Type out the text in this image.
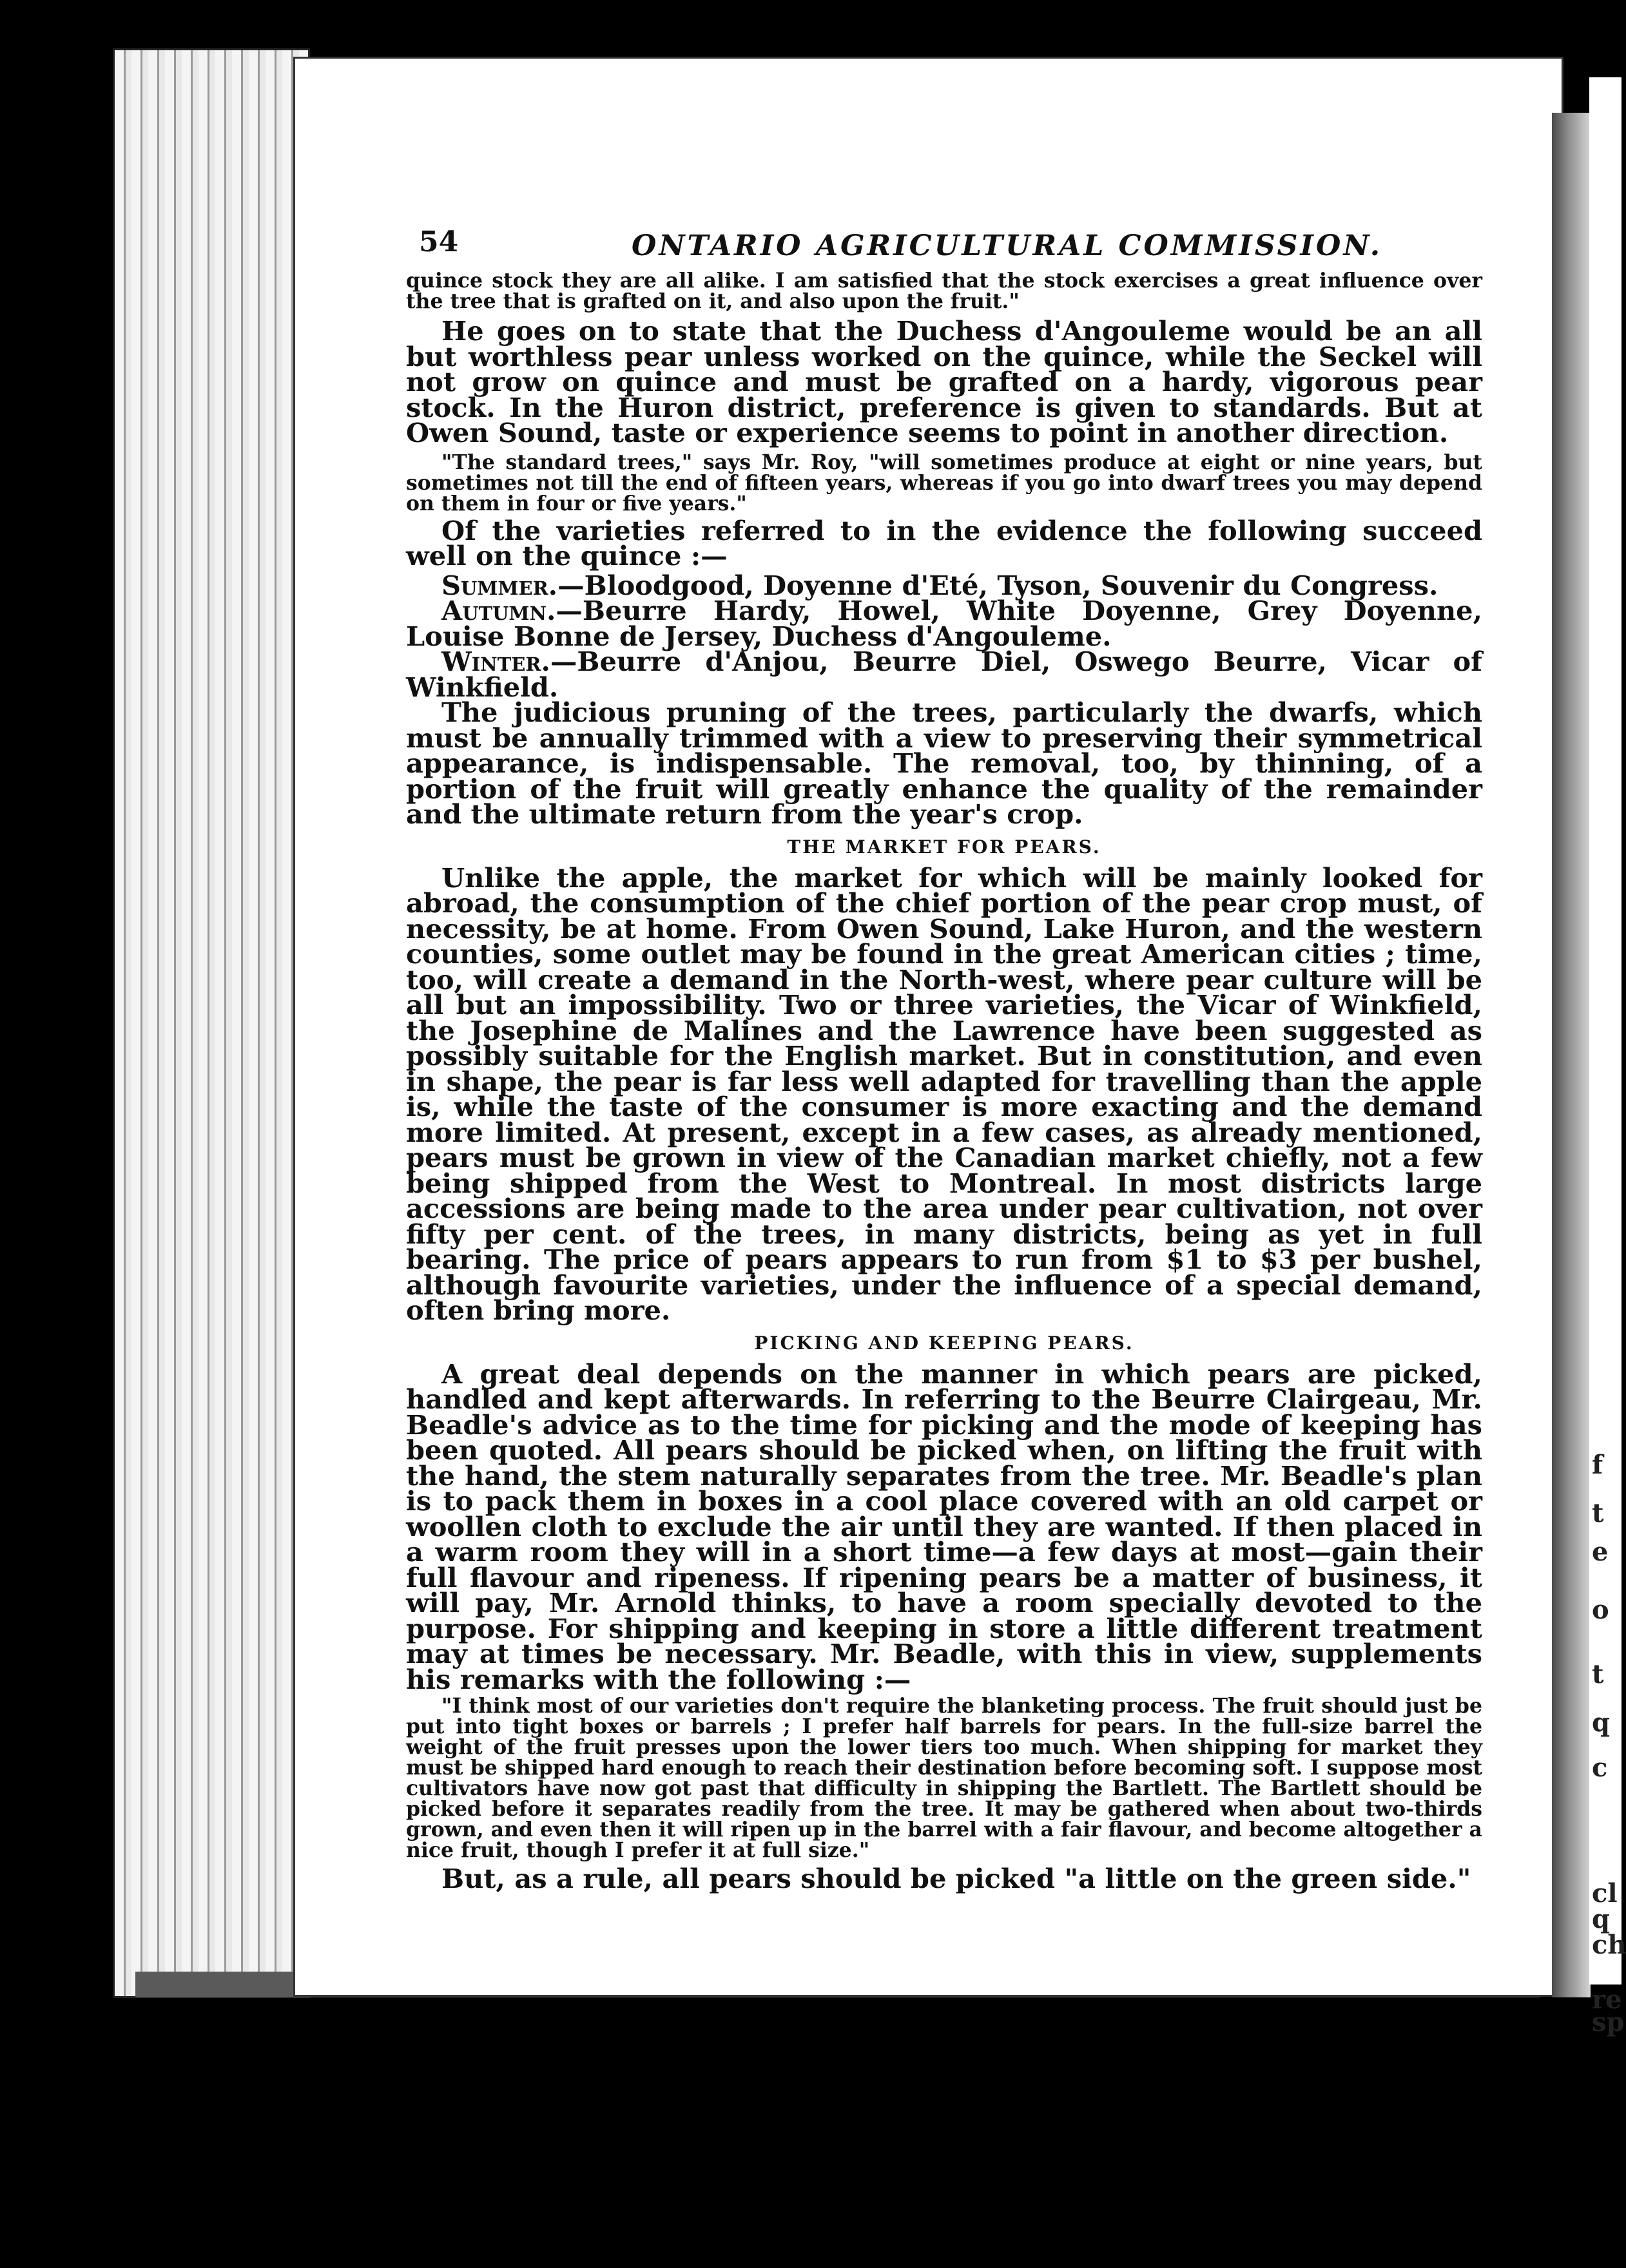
f
t
e
o
t
q
c
cl
q
ch
re
sp
54	ONTARIO AGRICULTURAL COMMISSION.

quince stock they are all alike. I am satisfied that the stock exercises a great influence over the tree that is grafted on it, and also upon the fruit."

He goes on to state that the Duchess d'Angouleme would be an all but worthless pear unless worked on the quince, while the Seckel will not grow on quince and must be grafted on a hardy, vigorous pear stock. In the Huron district, preference is given to standards. But at Owen Sound, taste or experience seems to point in another direction.

"The standard trees," says Mr. Roy, "will sometimes produce at eight or nine years, but sometimes not till the end of fifteen years, whereas if you go into dwarf trees you may depend on them in four or five years."

Of the varieties referred to in the evidence the following succeed well on the quince :—

Summer.—Bloodgood, Doyenne d'Eté, Tyson, Souvenir du Congress.

Autumn.—Beurre Hardy, Howel, White Doyenne, Grey Doyenne, Louise Bonne de Jersey, Duchess d'Angouleme.

Winter.—Beurre d'Anjou, Beurre Diel, Oswego Beurre, Vicar of Winkfield.

The judicious pruning of the trees, particularly the dwarfs, which must be annually trimmed with a view to preserving their symmetrical appearance, is indispensable. The removal, too, by thinning, of a portion of the fruit will greatly enhance the quality of the remainder and the ultimate return from the year's crop.

THE MARKET FOR PEARS.

Unlike the apple, the market for which will be mainly looked for abroad, the consumption of the chief portion of the pear crop must, of necessity, be at home. From Owen Sound, Lake Huron, and the western counties, some outlet may be found in the great American cities ; time, too, will create a demand in the North-west, where pear culture will be all but an impossibility. Two or three varieties, the Vicar of Winkfield, the Josephine de Malines and the Lawrence have been suggested as possibly suitable for the English market. But in constitution, and even in shape, the pear is far less well adapted for travelling than the apple is, while the taste of the consumer is more exacting and the demand more limited. At present, except in a few cases, as already mentioned, pears must be grown in view of the Canadian market chiefly, not a few being shipped from the West to Montreal. In most districts large accessions are being made to the area under pear cultivation, not over fifty per cent. of the trees, in many districts, being as yet in full bearing. The price of pears appears to run from $1 to $3 per bushel, although favourite varieties, under the influence of a special demand, often bring more.

PICKING AND KEEPING PEARS.

A great deal depends on the manner in which pears are picked, handled and kept afterwards. In referring to the Beurre Clairgeau, Mr. Beadle's advice as to the time for picking and the mode of keeping has been quoted. All pears should be picked when, on lifting the fruit with the hand, the stem naturally separates from the tree. Mr. Beadle's plan is to pack them in boxes in a cool place covered with an old carpet or woollen cloth to exclude the air until they are wanted. If then placed in a warm room they will in a short time—a few days at most—gain their full flavour and ripeness. If ripening pears be a matter of business, it will pay, Mr. Arnold thinks, to have a room specially devoted to the purpose. For shipping and keeping in store a little different treatment may at times be necessary. Mr. Beadle, with this in view, supplements his remarks with the following :—

"I think most of our varieties don't require the blanketing process. The fruit should just be put into tight boxes or barrels ; I prefer half barrels for pears. In the full-size barrel the weight of the fruit presses upon the lower tiers too much. When shipping for market they must be shipped hard enough to reach their destination before becoming soft. I suppose most cultivators have now got past that difficulty in shipping the Bartlett. The Bartlett should be picked before it separates readily from the tree. It may be gathered when about two-thirds grown, and even then it will ripen up in the barrel with a fair flavour, and become altogether a nice fruit, though I prefer it at full size."

But, as a rule, all pears should be picked "a little on the green side."
